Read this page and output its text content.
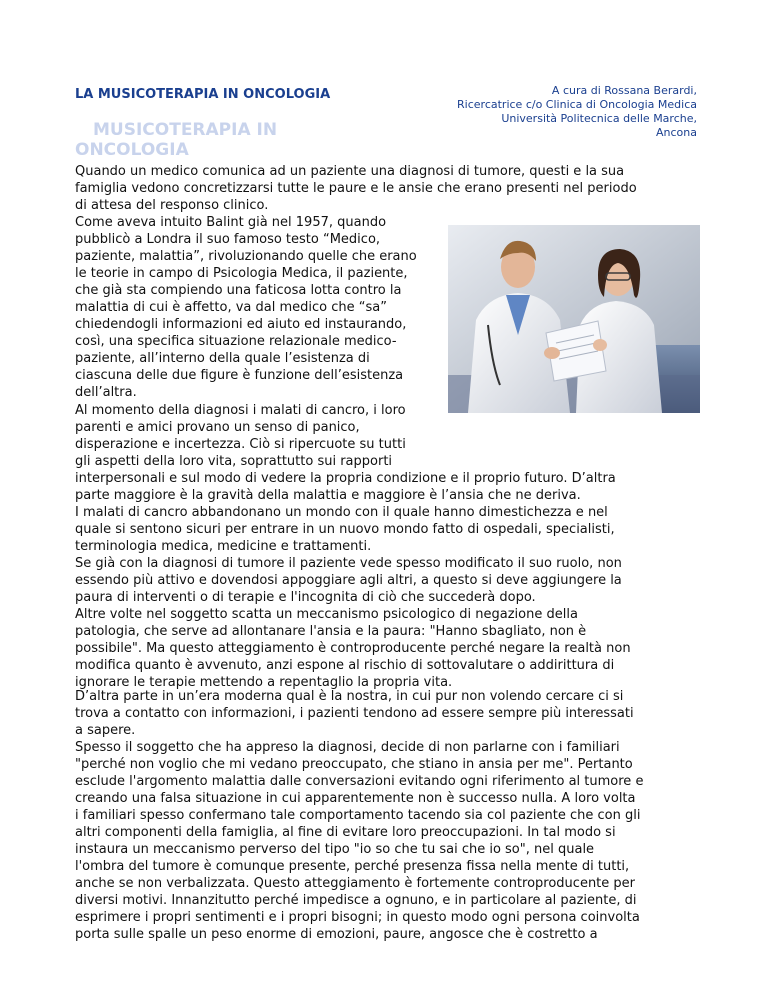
LA MUSICOTERAPIA IN ONCOLOGIA	A cura di Rossana Berardi,
Ricercatrice c/o Clinica di Oncologia Medica
Università Politecnica delle Marche,
Ancona
MUSICOTERAPIA IN ONCOLOGIA

Quando un medico comunica ad un paziente una diagnosi di tumore, questi e la sua

famiglia vedono concretizzarsi tutte le paure e le ansie che erano presenti nel periodo

di attesa del responso clinico.

Come aveva intuito Balint già nel 1957, quando

pubblicò a Londra il suo famoso testo “Medico,

paziente, malattia”, rivoluzionando quelle che erano

le teorie in campo di Psicologia Medica, il paziente,

che già sta compiendo una faticosa lotta contro la

malattia di cui è affetto, va dal medico che “sa”

chiedendogli informazioni ed aiuto ed instaurando,

così, una specifica situazione relazionale medico-

paziente, all’interno della quale l’esistenza di

ciascuna delle due figure è funzione dell’esistenza

dell’altra.

Al momento della diagnosi i malati di cancro, i loro

parenti e amici provano un senso di panico,

disperazione e incertezza. Ciò si ripercuote su tutti

gli aspetti della loro vita, soprattutto sui rapporti

interpersonali e sul modo di vedere la propria condizione e il proprio futuro. D’altra

parte maggiore è la gravità della malattia e maggiore è l’ansia che ne deriva.

I malati di cancro abbandonano un mondo con il quale hanno dimestichezza e nel

quale si sentono sicuri per entrare in un nuovo mondo fatto di ospedali, specialisti,

terminologia medica, medicine e trattamenti.

Se già con la diagnosi di tumore il paziente vede spesso modificato il suo ruolo, non

essendo più attivo e dovendosi appoggiare agli altri, a questo si deve aggiungere la

paura di interventi o di terapie e l'incognita di ciò che succederà dopo.

Altre volte nel soggetto scatta un meccanismo psicologico di negazione della

patologia, che serve ad allontanare l'ansia e la paura: "Hanno sbagliato, non è

possibile". Ma questo atteggiamento è controproducente perché negare la realtà non

modifica quanto è avvenuto, anzi espone al rischio di sottovalutare o addirittura di

ignorare le terapie mettendo a repentaglio la propria vita.

D’altra parte in un’era moderna qual è la nostra, in cui pur non volendo cercare ci si

trova a contatto con informazioni, i pazienti tendono ad essere sempre più interessati

a sapere.

Spesso il soggetto che ha appreso la diagnosi, decide di non parlarne con i familiari

"perché non voglio che mi vedano preoccupato, che stiano in ansia per me". Pertanto

esclude l'argomento malattia dalle conversazioni evitando ogni riferimento al tumore e

creando una falsa situazione in cui apparentemente non è successo nulla. A loro volta

i familiari spesso confermano tale comportamento tacendo sia col paziente che con gli

altri componenti della famiglia, al fine di evitare loro preoccupazioni. In tal modo si

instaura un meccanismo perverso del tipo "io so che tu sai che io so", nel quale

l'ombra del tumore è comunque presente, perché presenza fissa nella mente di tutti,

anche se non verbalizzata. Questo atteggiamento è fortemente controproducente per

diversi motivi. Innanzitutto perché impedisce a ognuno, e in particolare al paziente, di

esprimere i propri sentimenti e i propri bisogni; in questo modo ogni persona coinvolta

porta sulle spalle un peso enorme di emozioni, paure, angosce che è costretto a
